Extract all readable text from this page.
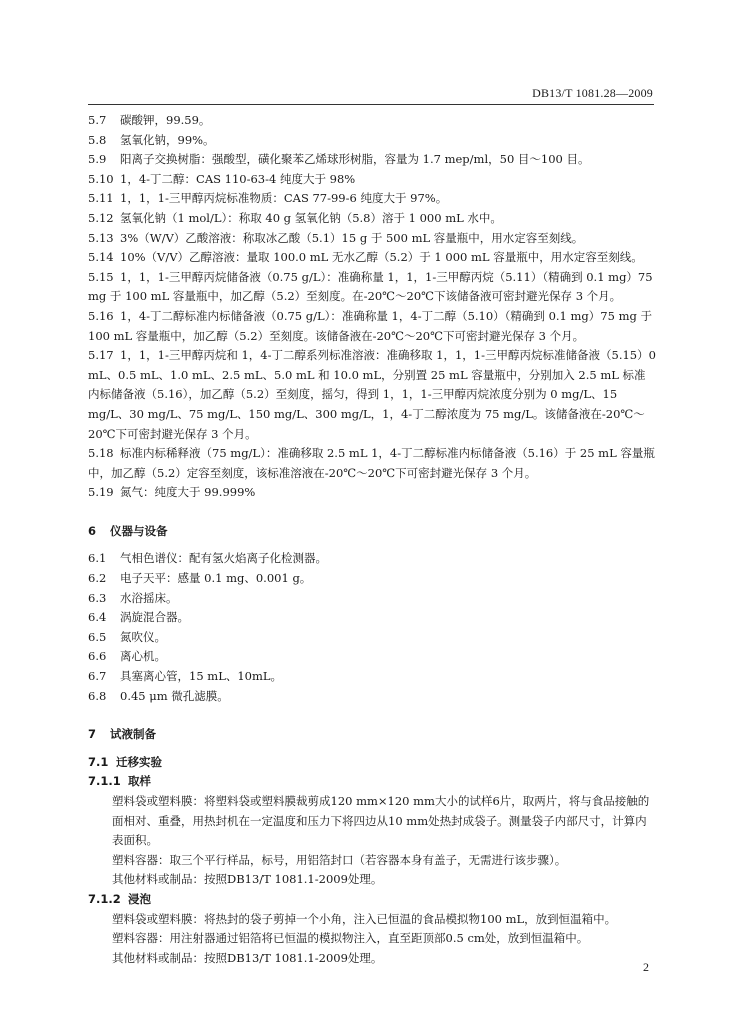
DB13/T 1081.28—2009
5.7 碳酸钾，99.59。
5.8 氢氧化钠，99%。
5.9 阳离子交换树脂：强酸型，磺化聚苯乙烯球形树脂，容量为 1.7 mep/ml，50 目～100 目。
5.10 1，4-丁二醇：CAS 110-63-4 纯度大于 98%
5.11 1，1，1-三甲醇丙烷标准物质：CAS 77-99-6 纯度大于 97%。
5.12 氢氧化钠（1 mol/L）：称取 40 g 氢氧化钠（5.8）溶于 1 000 mL 水中。
5.13 3%（W/V）乙酸溶液：称取冰乙酸（5.1）15 g 于 500 mL 容量瓶中，用水定容至刻线。
5.14 10%（V/V）乙醇溶液：量取 100.0 mL 无水乙醇（5.2）于 1 000 mL 容量瓶中，用水定容至刻线。
5.15 1，1，1-三甲醇丙烷储备液（0.75 g/L）：准确称量 1，1，1-三甲醇丙烷（5.11）（精确到 0.1 mg）75 mg 于 100 mL 容量瓶中，加乙醇（5.2）至刻度。在-20℃～20℃下该储备液可密封避光保存 3 个月。
5.16 1，4-丁二醇标准内标储备液（0.75 g/L）：准确称量 1，4-丁二醇（5.10）（精确到 0.1 mg）75 mg 于 100 mL 容量瓶中，加乙醇（5.2）至刻度。该储备液在-20℃～20℃下可密封避光保存 3 个月。
5.17 1，1，1-三甲醇丙烷和 1，4-丁二醇系列标准溶液：准确移取 1，1，1-三甲醇丙烷标准储备液（5.15）0 mL、0.5 mL、1.0 mL、2.5 mL、5.0 mL 和 10.0 mL，分别置 25 mL 容量瓶中，分别加入 2.5 mL 标准内标储备液（5.16），加乙醇（5.2）至刻度，摇匀，得到 1，1，1-三甲醇丙烷浓度分别为 0 mg/L、15 mg/L、30 mg/L、75 mg/L、150 mg/L、300 mg/L，1，4-丁二醇浓度为 75 mg/L。该储备液在-20℃～20℃下可密封避光保存 3 个月。
5.18 标准内标稀释液（75 mg/L）：准确移取 2.5 mL 1，4-丁二醇标准内标储备液（5.16）于 25 mL 容量瓶中，加乙醇（5.2）定容至刻度，该标准溶液在-20℃～20℃下可密封避光保存 3 个月。
5.19 氮气：纯度大于 99.999%
6 仪器与设备
6.1 气相色谱仪：配有氢火焰离子化检测器。
6.2 电子天平：感量 0.1 mg、0.001 g。
6.3 水浴摇床。
6.4 涡旋混合器。
6.5 氮吹仪。
6.6 离心机。
6.7 具塞离心管，15 mL、10mL。
6.8 0.45 μm 微孔滤膜。
7 试液制备
7.1 迁移实验
7.1.1 取样
塑料袋或塑料膜：将塑料袋或塑料膜裁剪成120 mm×120 mm大小的试样6片，取两片，将与食品接触的面相对、重叠，用热封机在一定温度和压力下将四边从10 mm处热封成袋子。测量袋子内部尺寸，计算内表面积。
塑料容器：取三个平行样品，标号，用铝箔封口（若容器本身有盖子，无需进行该步骤）。
其他材料或制品：按照DB13/T 1081.1-2009处理。
7.1.2 浸泡
塑料袋或塑料膜：将热封的袋子剪掉一个小角，注入已恒温的食品模拟物100 mL，放到恒温箱中。
塑料容器：用注射器通过铝箔将已恒温的模拟物注入，直至距顶部0.5 cm处，放到恒温箱中。
其他材料或制品：按照DB13/T 1081.1-2009处理。
2
